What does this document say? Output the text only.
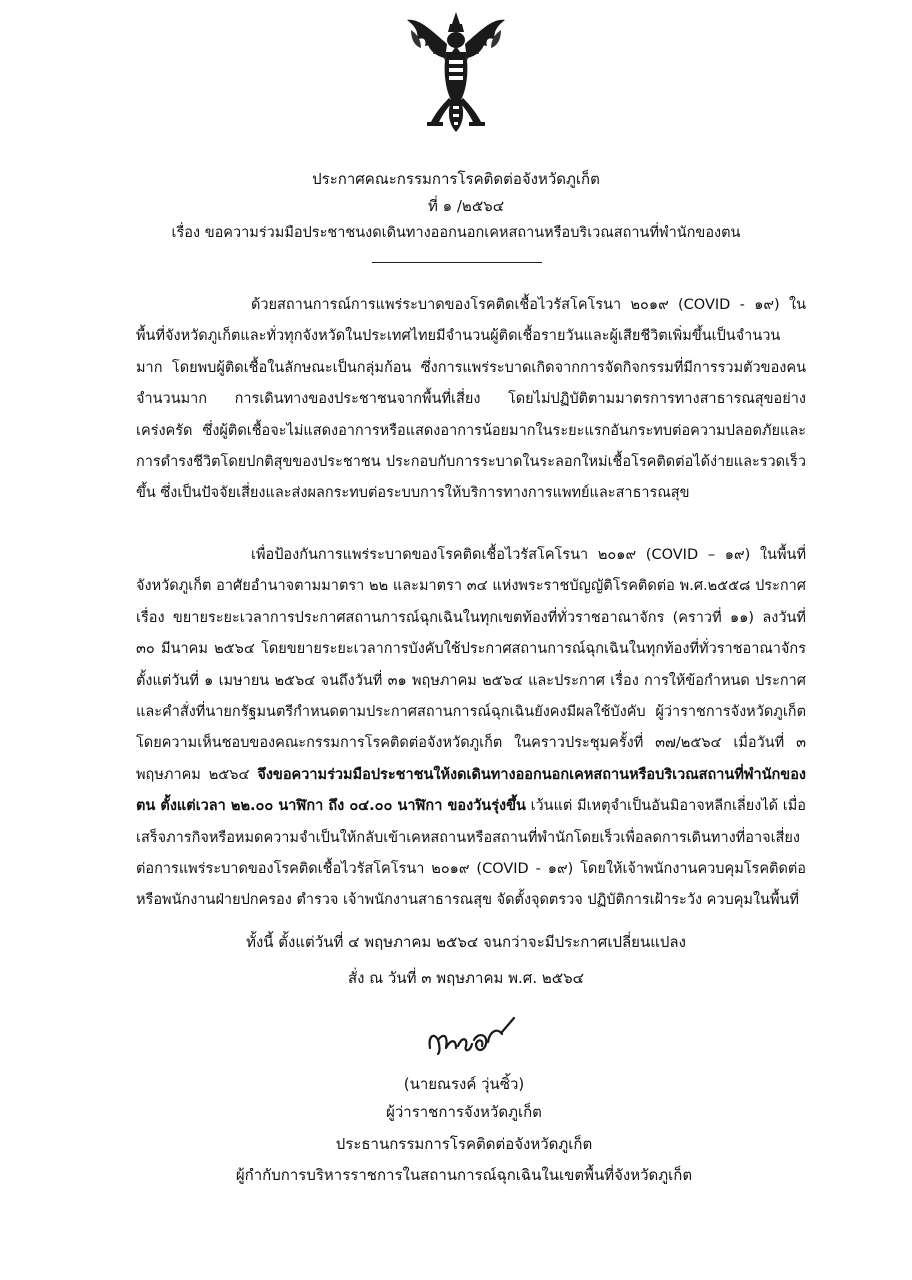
ประกาศคณะกรรมการโรคติดต่อจังหวัดภูเก็ต
ที่ ๑ /๒๕๖๔
เรื่อง ขอความร่วมมือประชาชนงดเดินทางออกนอกเคหสถานหรือบริเวณสถานที่พำนักของตน

ด้วยสถานการณ์การแพร่ระบาดของโรคติดเชื้อไวรัสโคโรนา ๒๐๑๙ (COVID - ๑๙) ในพื้นที่จังหวัดภูเก็ตและทั่วทุกจังหวัดในประเทศไทยมีจำนวนผู้ติดเชื้อรายวันและผู้เสียชีวิตเพิ่มขึ้นเป็นจำนวนมาก โดยพบผู้ติดเชื้อในลักษณะเป็นกลุ่มก้อน ซึ่งการแพร่ระบาดเกิดจากการจัดกิจกรรมที่มีการรวมตัวของคนจำนวนมาก การเดินทางของประชาชนจากพื้นที่เสี่ยง โดยไม่ปฏิบัติตามมาตรการทางสาธารณสุขอย่างเคร่งครัด ซึ่งผู้ติดเชื้อจะไม่แสดงอาการหรือแสดงอาการน้อยมากในระยะแรกอันกระทบต่อความปลอดภัยและการดำรงชีวิตโดยปกติสุขของประชาชน ประกอบกับการระบาดในระลอกใหม่เชื้อโรคติดต่อได้ง่ายและรวดเร็วขึ้น ซึ่งเป็นปัจจัยเสี่ยงและส่งผลกระทบต่อระบบการให้บริการทางการแพทย์และสาธารณสุข

เพื่อป้องกันการแพร่ระบาดของโรคติดเชื้อไวรัสโคโรนา ๒๐๑๙ (COVID – ๑๙) ในพื้นที่จังหวัดภูเก็ต อาศัยอำนาจตามมาตรา ๒๒ และมาตรา ๓๔ แห่งพระราชบัญญัติโรคติดต่อ พ.ศ.๒๕๕๘ ประกาศ เรื่อง ขยายระยะเวลาการประกาศสถานการณ์ฉุกเฉินในทุกเขตท้องที่ทั่วราชอาณาจักร (คราวที่ ๑๑) ลงวันที่ ๓๐ มีนาคม ๒๕๖๔ โดยขยายระยะเวลาการบังคับใช้ประกาศสถานการณ์ฉุกเฉินในทุกท้องที่ทั่วราชอาณาจักร ตั้งแต่วันที่ ๑ เมษายน ๒๕๖๔ จนถึงวันที่ ๓๑ พฤษภาคม ๒๕๖๔ และประกาศ เรื่อง การให้ข้อกำหนด ประกาศ และคำสั่งที่นายกรัฐมนตรีกำหนดตามประกาศสถานการณ์ฉุกเฉินยังคงมีผลใช้บังคับ ผู้ว่าราชการจังหวัดภูเก็ต โดยความเห็นชอบของคณะกรรมการโรคติดต่อจังหวัดภูเก็ต ในคราวประชุมครั้งที่ ๓๗/๒๕๖๔ เมื่อวันที่ ๓ พฤษภาคม ๒๕๖๔ จึงขอความร่วมมือประชาชนให้งดเดินทางออกนอกเคหสถานหรือบริเวณสถานที่พำนักของตน ตั้งแต่เวลา ๒๒.๐๐ นาฬิกา ถึง ๐๔.๐๐ นาฬิกา ของวันรุ่งขึ้น เว้นแต่ มีเหตุจำเป็นอันมิอาจหลีกเลี่ยงได้ เมื่อเสร็จภารกิจหรือหมดความจำเป็นให้กลับเข้าเคหสถานหรือสถานที่พำนักโดยเร็วเพื่อลดการเดินทางที่อาจเสี่ยงต่อการแพร่ระบาดของโรคติดเชื้อไวรัสโคโรนา ๒๐๑๙ (COVID - ๑๙) โดยให้เจ้าพนักงานควบคุมโรคติดต่อ หรือพนักงานฝ่ายปกครอง ตำรวจ เจ้าพนักงานสาธารณสุข จัดตั้งจุดตรวจ ปฏิบัติการเฝ้าระวัง ควบคุมในพื้นที่

ทั้งนี้ ตั้งแต่วันที่ ๔ พฤษภาคม ๒๕๖๔ จนกว่าจะมีประกาศเปลี่ยนแปลง
สั่ง ณ วันที่ ๓ พฤษภาคม พ.ศ. ๒๕๖๔
(นายณรงค์ วุ่นซิ้ว)
ผู้ว่าราชการจังหวัดภูเก็ต
ประธานกรรมการโรคติดต่อจังหวัดภูเก็ต
ผู้กำกับการบริหารราชการในสถานการณ์ฉุกเฉินในเขตพื้นที่จังหวัดภูเก็ต
